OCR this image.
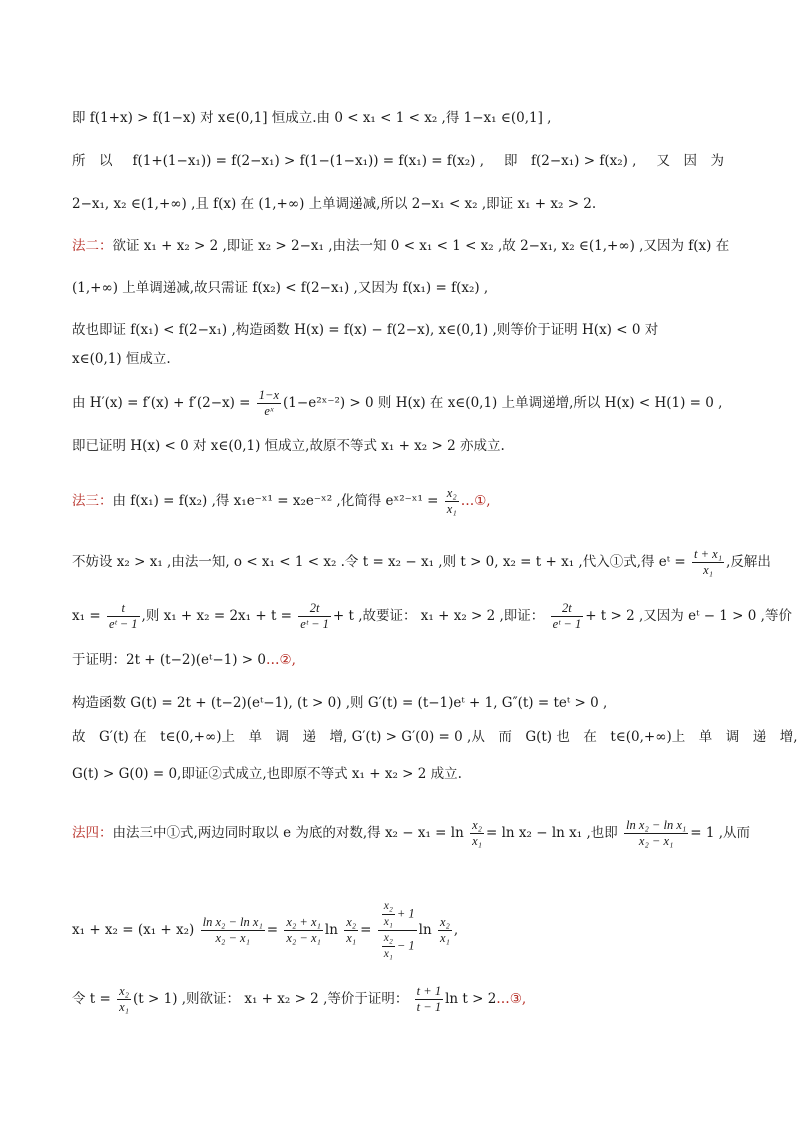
即 f(1+x) > f(1−x) 对 x∈(0,1] 恒成立.由 0 < x₁ < 1 < x₂ ,得 1−x₁ ∈(0,1] ,
所　以 f(1+(1−x₁)) = f(2−x₁) > f(1−(1−x₁)) = f(x₁) = f(x₂) , 即　f(2−x₁) > f(x₂) , 又　因　为
2−x₁, x₂ ∈(1,+∞) ,且 f(x) 在 (1,+∞) 上单调递减,所以 2−x₁ < x₂ ,即证 x₁ + x₂ > 2.
法二：欲证 x₁ + x₂ > 2 ,即证 x₂ > 2−x₁ ,由法一知 0 < x₁ < 1 < x₂ ,故 2−x₁, x₂ ∈(1,+∞) ,又因为 f(x) 在
(1,+∞) 上单调递减,故只需证 f(x₂) < f(2−x₁) ,又因为 f(x₁) = f(x₂) ,
故也即证 f(x₁) < f(2−x₁) ,构造函数 H(x) = f(x) − f(2−x), x∈(0,1) ,则等价于证明 H(x) < 0 对
x∈(0,1) 恒成立.
由 $H'(x) = f'(x) + f'(2-x) = \frac{1-x}{\text{eˣ}}$ (1−e²ˣ⁻²) > 0 则 H(x) 在 x∈(0,1) 上单调递增,所以 H(x) < H(1) = 0 ,
即已证明 H(x) < 0 对 x∈(0,1) 恒成立,故原不等式 x₁ + x₂ > 2 亦成立.
法三：由 f(x₁) = f(x₂) ,得 x₁e⁻ˣ¹ = x₂e⁻ˣ² ,化简得 eˣ²⁻ˣ¹ = $\frac{\text{x₂}}{\text{x₁}}$ …①,
不妨设 x₂ > x₁ ,由法一知, o < x₁ < 1 < x₂ .令 t = x₂ − x₁ ,则 t > 0, x₂ = t + x₁ ,代入①式,得 eᵗ = $\frac{\text{t + x₁}}{\text{x₁}}$ ,反解出
$x_1 = \frac{t}{\text{eᵗ − 1}}$ ,则 $x_1 + x_2 = 2x_1 + t = \frac{2t}{\text{eᵗ − 1}} + t$ ,故要证： x₁ + x₂ > 2 ,即证： $\frac{2t}{\text{eᵗ − 1}} + t > 2$ ,又因为 eᵗ − 1 > 0 ,等价
于证明：2t + (t−2)(eᵗ−1) > 0…②,
构造函数 G(t) = 2t + (t−2)(eᵗ−1), (t > 0) ,则 G′(t) = (t−1)eᵗ + 1, G″(t) = teᵗ > 0 ,
故　G′(t) 在　t∈(0,+∞) 上　单　调　递　增 , G′(t) > G′(0) = 0 , 从　而　G(t) 也　在　t∈(0,+∞) 上　单　调　递　增 ,
G(t) > G(0) = 0,即证②式成立,也即原不等式 x₁ + x₂ > 2 成立.
法四：由法三中①式,两边同时取以 e 为底的对数,得 $x_2 - x_1 = \ln \frac{\text{x₂}}{\text{x₁}} = \ln x_2 - \ln x_1$ ,也即 $\frac{\text{ln x₂ − ln x₁}}{\text{x₂ − x₁}} = 1$ ,从而
$x_1 + x_2 = (x_1 + x_2) \frac{\text{ln x₂ − ln x₁}}{\text{x₂ − x₁}} = \frac{\text{x₂ + x₁}}{\text{x₂ − x₁}}$ $\ln \frac{\text{x₂}}{\text{x₁}} = \frac{\frac{\text{x₂}}{\text{x₁}} + 1}{\frac{\text{x₂}}{\text{x₁}} - 1}$ $\ln \frac{\text{x₂}}{\text{x₁}}$ ,
令 $t = \frac{\text{x₂}}{\text{x₁}} (t > 1)$ ,则欲证： x₁ + x₂ > 2 ,等价于证明： $\frac{t + 1}{t - 1}$ ln t > 2…③,
